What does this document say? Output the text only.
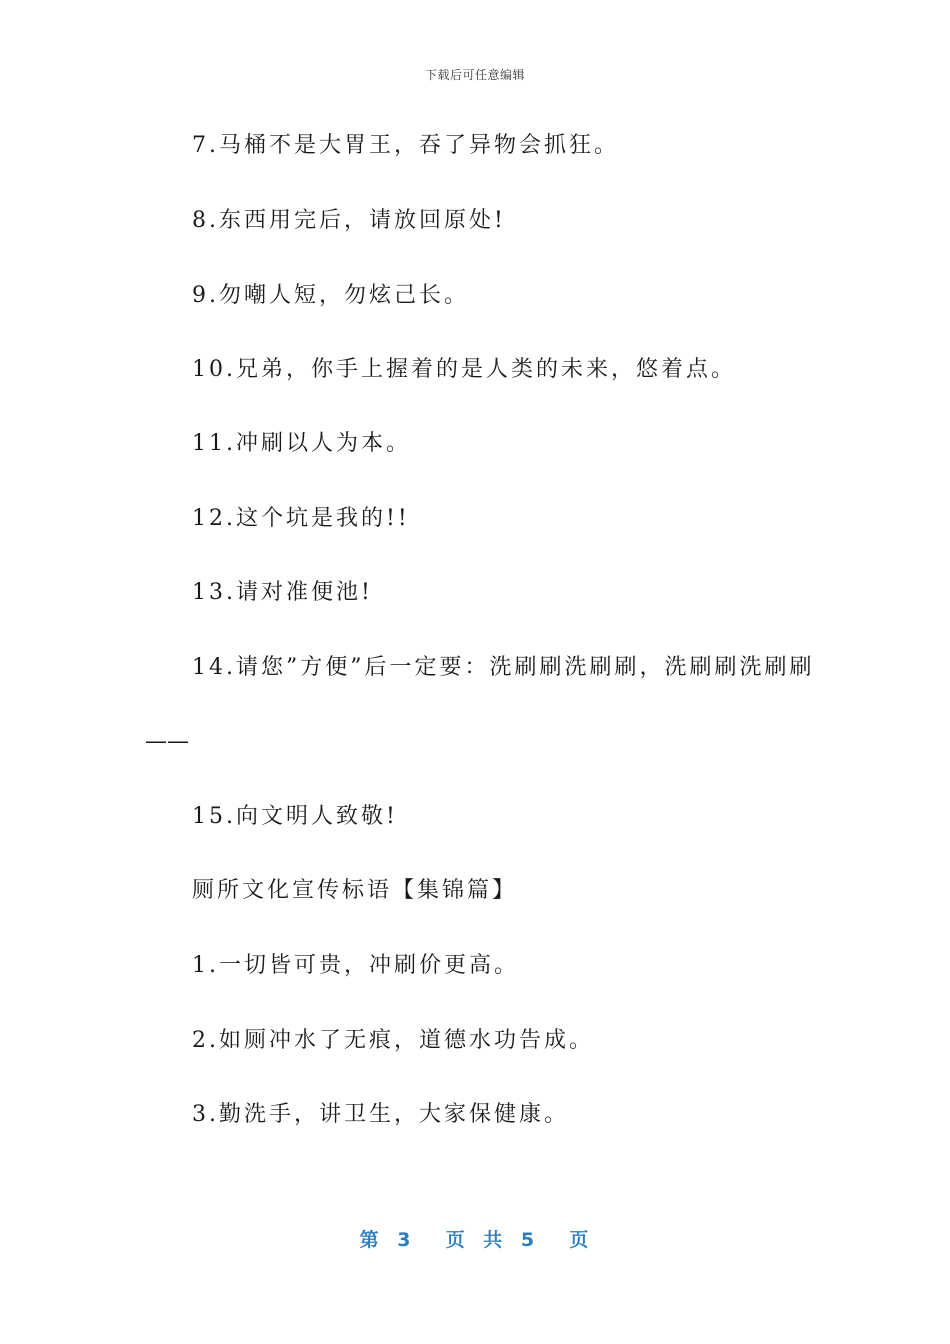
下载后可任意编辑
7.马桶不是大胃王，吞了异物会抓狂。
8.东西用完后，请放回原处!
9.勿嘲人短，勿炫己长。
10.兄弟，你手上握着的是人类的未来，悠着点。
11.冲刷以人为本。
12.这个坑是我的!!
13.请对准便池!
14.请您”方便”后一定要：洗刷刷洗刷刷，洗刷刷洗刷刷
——
15.向文明人致敬!
厕所文化宣传标语【集锦篇】
1.一切皆可贵，冲刷价更高。
2.如厕冲水了无痕，道德水功告成。
3.勤洗手，讲卫生，大家保健康。
第 3  页 共 5  页
